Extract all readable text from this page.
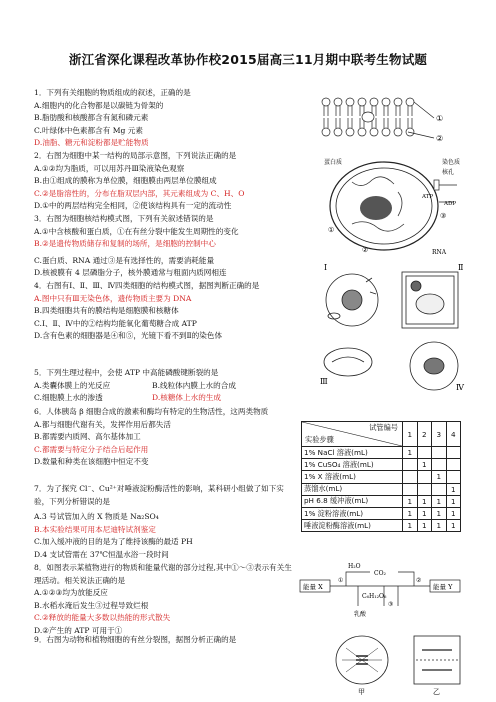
浙江省深化课程改革协作校2015届高三11月期中联考生物试题
1．下列有关细胞的物质组成的叙述，正确的是
A.细胞内的化合物都是以碳链为骨架的
B.脂肪酸和核酸都含有氮和磷元素
C.叶绿体中色素都含有 Mg 元素
D.油脂、糖元和淀粉都是贮能物质
2．右图为细胞中某一结构的局部示意图，下列说法正确的是
A.①②均为脂质，可以用苏丹Ⅲ染液染色观察
B.由①组成的膜称为单位膜，细胞膜由两层单位膜组成
C.②是脂溶性的，分布在脂双层内部，其元素组成为 C、H、O
D.①中的两层结构完全相同，②使该结构具有一定的流动性
3．右图为细胞核结构模式图，下列有关叙述错误的是
A.①中含核酸和蛋白质，①在有丝分裂中能发生周期性的变化
B.②是遗传物质储存和复制的场所，是细胞的控制中心
C.蛋白质、RNA 通过③是有选择性的，需要消耗能量
D.核被膜有 4 层磷脂分子，核外膜通常与粗面内质网相连
4．右图有Ⅰ、Ⅱ、Ⅲ、Ⅳ四类细胞的结构模式图，据图判断正确的是
A.图中只有Ⅲ无染色体，遗传物质主要为 DNA
B.四类细胞共有的膜结构是细胞膜和核糖体
C.Ⅰ、Ⅱ、Ⅳ中的②结构均能氧化葡萄糖合成 ATP
D.含有色素的细胞器是④和⑤，光镜下看不到Ⅱ的染色体
5．下列生理过程中，会使 ATP 中高能磷酸键断裂的是
A.类囊体膜上的光反应	B.线粒体内膜上水的合成
C.细胞膜上水的渗透	D.核糖体上水的生成
6．人体胰岛 β 细胞合成的激素和酶均有特定的生物活性，这两类物质
A.都与细胞代谢有关，发挥作用后都失活
B.都需要内质网、高尔基体加工
C.都需要与特定分子结合后起作用
D.数量和种类在该细胞中恒定不变
7．为了探究 Cl⁻、Cu²⁺对唾液淀粉酶活性的影响，某科研小组做了如下实验，下列分析错误的是
A.3 号试管加入的 X 物质是 Na₂SO₄
B.本实验结果可用本尼迪特试剂鉴定
C.加入缓冲液的目的是为了维持该酶的最适 PH
D.4 支试管需在 37℃恒温水浴一段时间
8．如图表示某植物进行的物质和能量代谢的部分过程,其中①～③表示有关生理活动。相关说法正确的是
A.①②③均为放能反应
B.水稻水淹后发生③过程导致烂根
C.②释放的能量大多数以热能的形式散失
D.②产生的 ATP 可用于①
9．右图为动物和植物细胞的有丝分裂图，据图分析正确的是
①
②
染色质
核孔
ATP
ADP
RNA
①
②
③
蛋白质
Ⅰ	Ⅱ
Ⅲ
Ⅳ
试管编号
实验步骤	1	2	3	4
1% NaCl 溶液(mL)	1			
1% CuSO₄ 溶液(mL)		1		
1% X 溶液(mL)			1	
蒸馏水(mL)				1
pH 6.8 缓冲液(mL)	1	1	1	1
1% 淀粉溶液(mL)	1	1	1	1
唾液淀粉酶溶液(mL)	1	1	1	1
能量 X	能量 Y
H₂O
CO₂
C₆H₁₂O₆
乳酸
①	②
③
甲	乙
